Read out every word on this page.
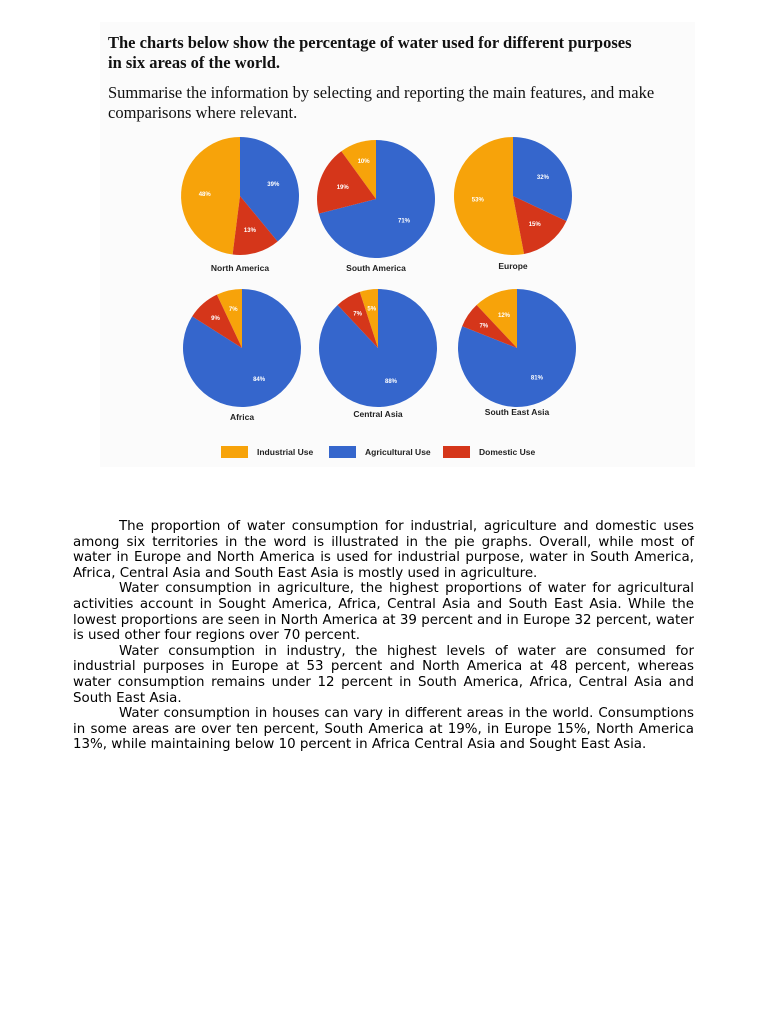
The charts below show the percentage of water used for different purposes in six areas of the world.
Summarise the information by selecting and reporting the main features, and make comparisons where relevant.
48%
39%
13%
North America
10%
71%
19%
South America
53%
32%
15%
Europe
7%
84%
9%
Africa
5%
88%
7%
Central Asia
12%
81%
7%
South East Asia
Industrial Use	Agricultural Use	Domestic Use

The proportion of water consumption for industrial, agriculture and domestic uses among six territories in the word is illustrated in the pie graphs. Overall, while most of water in Europe and North America is used for industrial purpose, water in South America, Africa, Central Asia and South East Asia is mostly used in agriculture.

Water consumption in agriculture, the highest proportions of water for agricultural activities account in Sought America, Africa, Central Asia and South East Asia. While the lowest proportions are seen in North America at 39 percent and in Europe 32 percent, water is used other four regions over 70 percent.

Water consumption in industry, the highest levels of water are consumed for industrial purposes in Europe at 53 percent and North America at 48 percent, whereas water consumption remains under 12 percent in South America, Africa, Central Asia and South East Asia.

Water consumption in houses can vary in different areas in the world. Consumptions in some areas are over ten percent, South America at 19%, in Europe 15%, North America 13%, while maintaining below 10 percent in Africa Central Asia and Sought East Asia.
